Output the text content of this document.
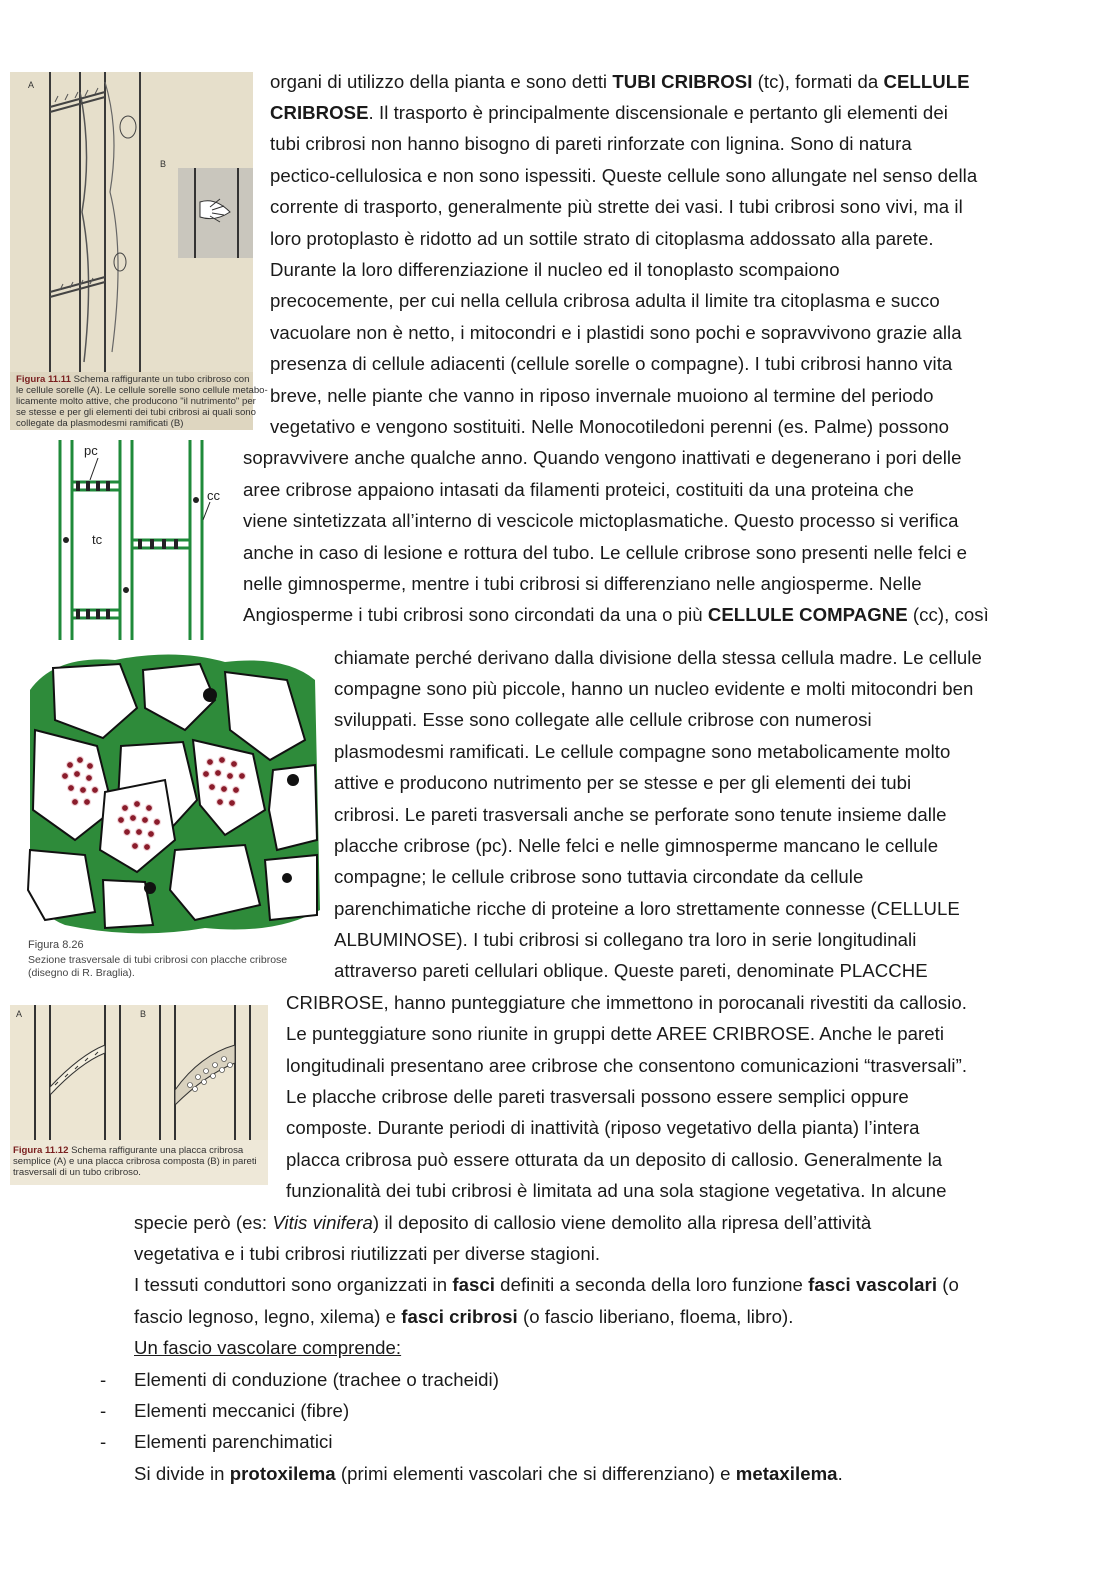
A
B
Figura 11.11 Schema raffigurante un tubo cribroso con
le cellule sorelle (A). Le cellule sorelle sono cellule metabo-
licamente molto attive, che producono "il nutrimento" per
se stesse e per gli elementi dei tubi cribrosi ai quali sono
collegate da plasmodesmi ramificati (B)
pc
cc
tc
Figura 8.26
Sezione trasversale di tubi cribrosi con placche cribrose
(disegno di R. Braglia).
A	B
Figura 11.12 Schema raffigurante una placca cribrosa
semplice (A) e una placca cribrosa composta (B) in pareti
trasversali di un tubo cribroso.
organi di utilizzo della pianta e sono detti TUBI CRIBROSI (tc), formati da CELLULE
CRIBROSE. Il trasporto è principalmente discensionale e pertanto gli elementi dei
tubi cribrosi non hanno bisogno di pareti rinforzate con lignina. Sono di natura
pectico-cellulosica e non sono ispessiti. Queste cellule sono allungate nel senso della
corrente di trasporto, generalmente più strette dei vasi. I tubi cribrosi sono vivi, ma il
loro protoplasto è ridotto ad un sottile strato di citoplasma addossato alla parete.
Durante la loro differenziazione il nucleo ed il tonoplasto scompaiono
precocemente, per cui nella cellula cribrosa adulta il limite tra citoplasma e succo
vacuolare non è netto, i mitocondri e i plastidi sono pochi e sopravvivono grazie alla
presenza di cellule adiacenti (cellule sorelle o compagne). I tubi cribrosi hanno vita
breve, nelle piante che vanno in riposo invernale muoiono al termine del periodo
vegetativo e vengono sostituiti. Nelle Monocotiledoni perenni (es. Palme) possono
sopravvivere anche qualche anno. Quando vengono inattivati e degenerano i pori delle
aree cribrose appaiono intasati da filamenti proteici, costituiti da una proteina che
viene sintetizzata all’interno di vescicole mictoplasmatiche. Questo processo si verifica
anche in caso di lesione e rottura del tubo. Le cellule cribrose sono presenti nelle felci e
nelle gimnosperme, mentre i tubi cribrosi si differenziano nelle angiosperme. Nelle
Angiosperme i tubi cribrosi sono circondati da una o più CELLULE COMPAGNE (cc), così
chiamate perché derivano dalla divisione della stessa cellula madre. Le cellule
compagne sono più piccole, hanno un nucleo evidente e molti mitocondri ben
sviluppati. Esse sono collegate alle cellule cribrose con numerosi
plasmodesmi ramificati. Le cellule compagne sono metabolicamente molto
attive e producono nutrimento per se stesse e per gli elementi dei tubi
cribrosi. Le pareti trasversali anche se perforate sono tenute insieme dalle
placche cribrose (pc). Nelle felci e nelle gimnosperme mancano le cellule
compagne; le cellule cribrose sono tuttavia circondate da cellule
parenchimatiche ricche di proteine a loro strettamente connesse (CELLULE
ALBUMINOSE). I tubi cribrosi si collegano tra loro in serie longitudinali
attraverso pareti cellulari oblique. Queste pareti, denominate PLACCHE
CRIBROSE, hanno punteggiature che immettono in porocanali rivestiti da callosio.
Le punteggiature sono riunite in gruppi dette AREE CRIBROSE. Anche le pareti
longitudinali presentano aree cribrose che consentono comunicazioni “trasversali”.
Le placche cribrose delle pareti trasversali possono essere semplici oppure
composte. Durante periodi di inattività (riposo vegetativo della pianta) l’intera
placca cribrosa può essere otturata da un deposito di callosio. Generalmente la
funzionalità dei tubi cribrosi è limitata ad una sola stagione vegetativa. In alcune
specie però (es: Vitis vinifera) il deposito di callosio viene demolito alla ripresa dell’attività
vegetativa e i tubi cribrosi riutilizzati per diverse stagioni.
I tessuti conduttori sono organizzati in fasci definiti a seconda della loro funzione fasci vascolari (o
fascio legnoso, legno, xilema) e fasci cribrosi (o fascio liberiano, floema, libro).
Un fascio vascolare comprende:
- Elementi di conduzione (trachee o tracheidi)
- Elementi meccanici (fibre)
- Elementi parenchimatici
Si divide in protoxilema (primi elementi vascolari che si differenziano) e metaxilema.
